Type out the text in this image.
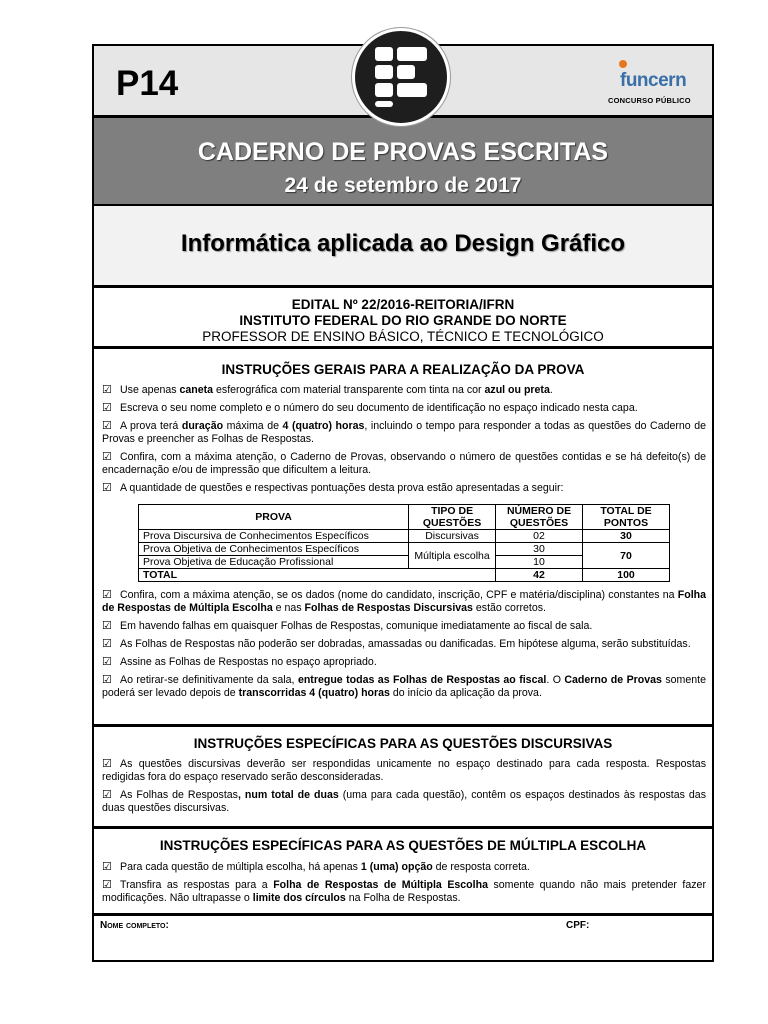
P14	funcern
CONCURSO PÚBLICO
CADERNO DE PROVAS ESCRITAS
24 de setembro de 2017
Informática aplicada ao Design Gráfico
EDITAL Nº 22/2016-REITORIA/IFRN
INSTITUTO FEDERAL DO RIO GRANDE DO NORTE
PROFESSOR DE ENSINO BÁSICO, TÉCNICO E TECNOLÓGICO
INSTRUÇÕES GERAIS PARA A REALIZAÇÃO DA PROVA
☑ Use apenas caneta esferográfica com material transparente com tinta na cor azul ou preta.
☑ Escreva o seu nome completo e o número do seu documento de identificação no espaço indicado nesta capa.
☑ A prova terá duração máxima de 4 (quatro) horas, incluindo o tempo para responder a todas as questões do Caderno de Provas e preencher as Folhas de Respostas.
☑ Confira, com a máxima atenção, o Caderno de Provas, observando o número de questões contidas e se há defeito(s) de encadernação e/ou de impressão que dificultem a leitura.
☑ A quantidade de questões e respectivas pontuações desta prova estão apresentadas a seguir:
PROVA	TIPO DE QUESTÕES	NÚMERO DE QUESTÕES	TOTAL DE PONTOS
Prova Discursiva de Conhecimentos Específicos	Discursivas	02	30
Prova Objetiva de Conhecimentos Específicos	Múltipla escolha	30	70
Prova Objetiva de Educação Profissional		10	
TOTAL		42	100
☑ Confira, com a máxima atenção, se os dados (nome do candidato, inscrição, CPF e matéria/disciplina) constantes na Folha de Respostas de Múltipla Escolha e nas Folhas de Respostas Discursivas estão corretos.
☑ Em havendo falhas em quaisquer Folhas de Respostas, comunique imediatamente ao fiscal de sala.
☑ As Folhas de Respostas não poderão ser dobradas, amassadas ou danificadas. Em hipótese alguma, serão substituídas.
☑ Assine as Folhas de Respostas no espaço apropriado.
☑ Ao retirar-se definitivamente da sala, entregue todas as Folhas de Respostas ao fiscal. O Caderno de Provas somente poderá ser levado depois de transcorridas 4 (quatro) horas do início da aplicação da prova.
INSTRUÇÕES ESPECÍFICAS PARA AS QUESTÕES DISCURSIVAS
☑ As questões discursivas deverão ser respondidas unicamente no espaço destinado para cada resposta. Respostas redigidas fora do espaço reservado serão desconsideradas.
☑ As Folhas de Respostas, num total de duas (uma para cada questão), contêm os espaços destinados às respostas das duas questões discursivas.
INSTRUÇÕES ESPECÍFICAS PARA AS QUESTÕES DE MÚLTIPLA ESCOLHA
☑ Para cada questão de múltipla escolha, há apenas 1 (uma) opção de resposta correta.
☑ Transfira as respostas para a Folha de Respostas de Múltipla Escolha somente quando não mais pretender fazer modificações. Não ultrapasse o limite dos círculos na Folha de Respostas.
Nome completo:	CPF:
